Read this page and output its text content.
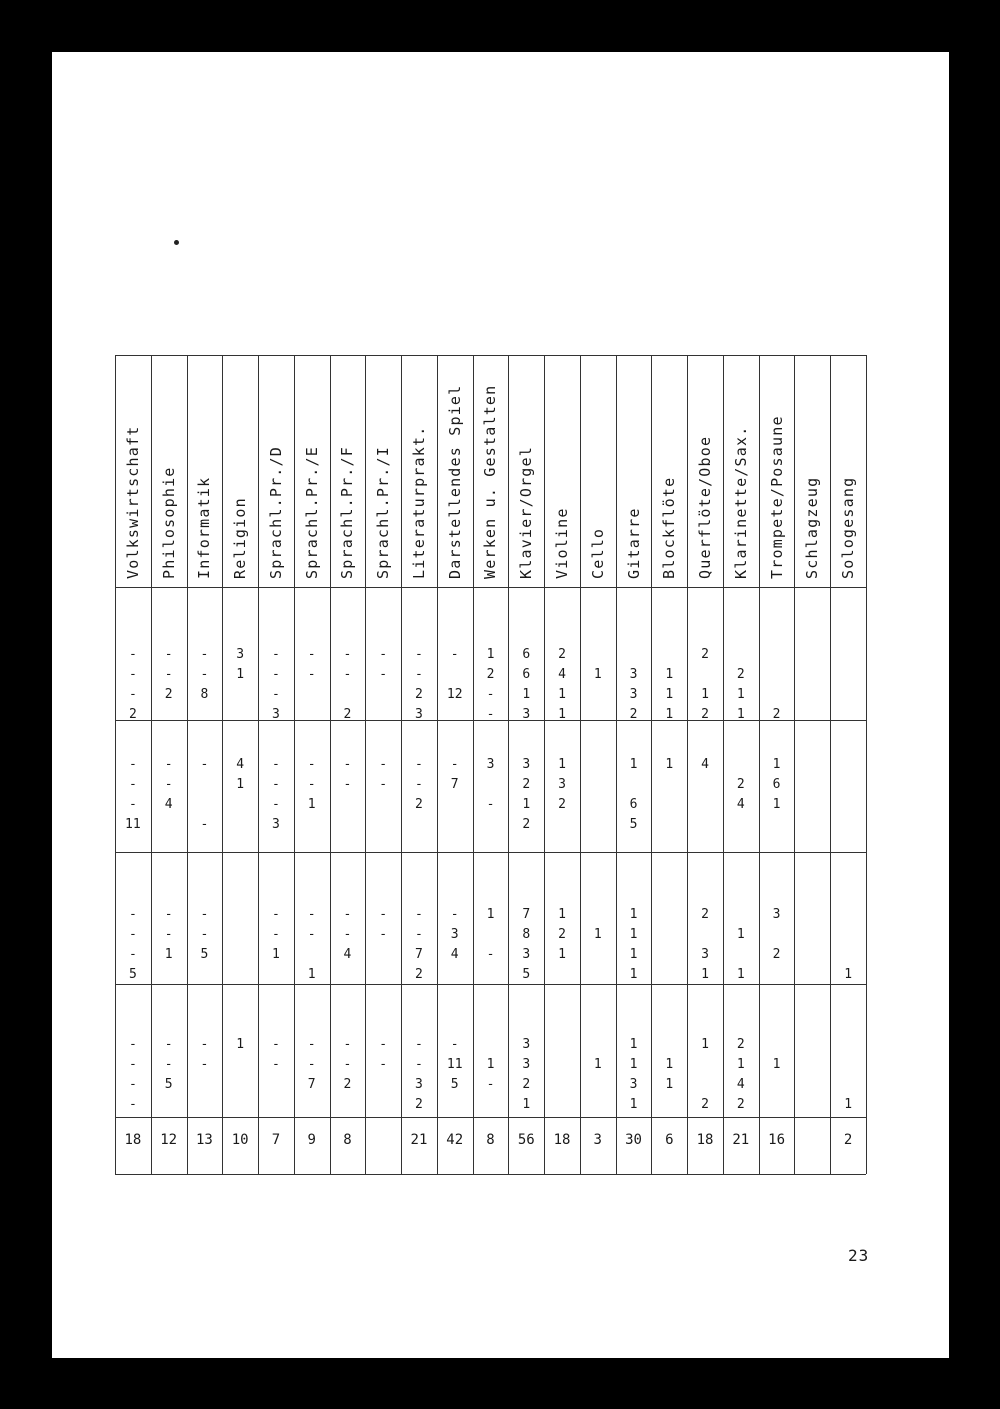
Volkswirtschaft
-
-
-
2
-
-
-
11
-
-
-
5
-
-
-
-
18
Philosophie
-
-
2
-
-
4
-
-
1
-
-
5
12
Informatik
-
-
8
-
-
-
-
5
-
-
13
Religion
3
1
4
1
1
10
Sprachl.Pr./D
-
-
-
3
-
-
-
3
-
-
1
-
-
7
Sprachl.Pr./E
-
-
-
-
1
-
-
1
-
-
7
9
Sprachl.Pr./F
-
-
2
-
-
-
-
4
-
-
2
8
Sprachl.Pr./I
-
-
-
-
-
-
-
-
Literaturprakt.
-
-
2
3
-
-
2
-
-
7
2
-
-
3
2
21
Darstellendes Spiel
-
12
-
7
-
3
4
-
11
5
42
Werken u. Gestalten
1
2
-
-
3
-
1
-
1
-
8
Klavier/Orgel
6
6
1
3
3
2
1
2
7
8
3
5
3
3
2
1
56
Violine
2
4
1
1
1
3
2
1
2
1
18
Cello
1
1
1
3
Gitarre
3
3
2
1
6
5
1
1
1
1
1
1
3
1
30
Blockflöte
1
1
1
1
1
1
6
Querflöte/Oboe
2
1
2
4
2
3
1
1
2
18
Klarinette/Sax.
2
1
1
2
4
1
1
2
1
4
2
21
Trompete/Posaune
2
1
6
1
3
2
1
16
Schlagzeug Sologesang
1
1
2
23
